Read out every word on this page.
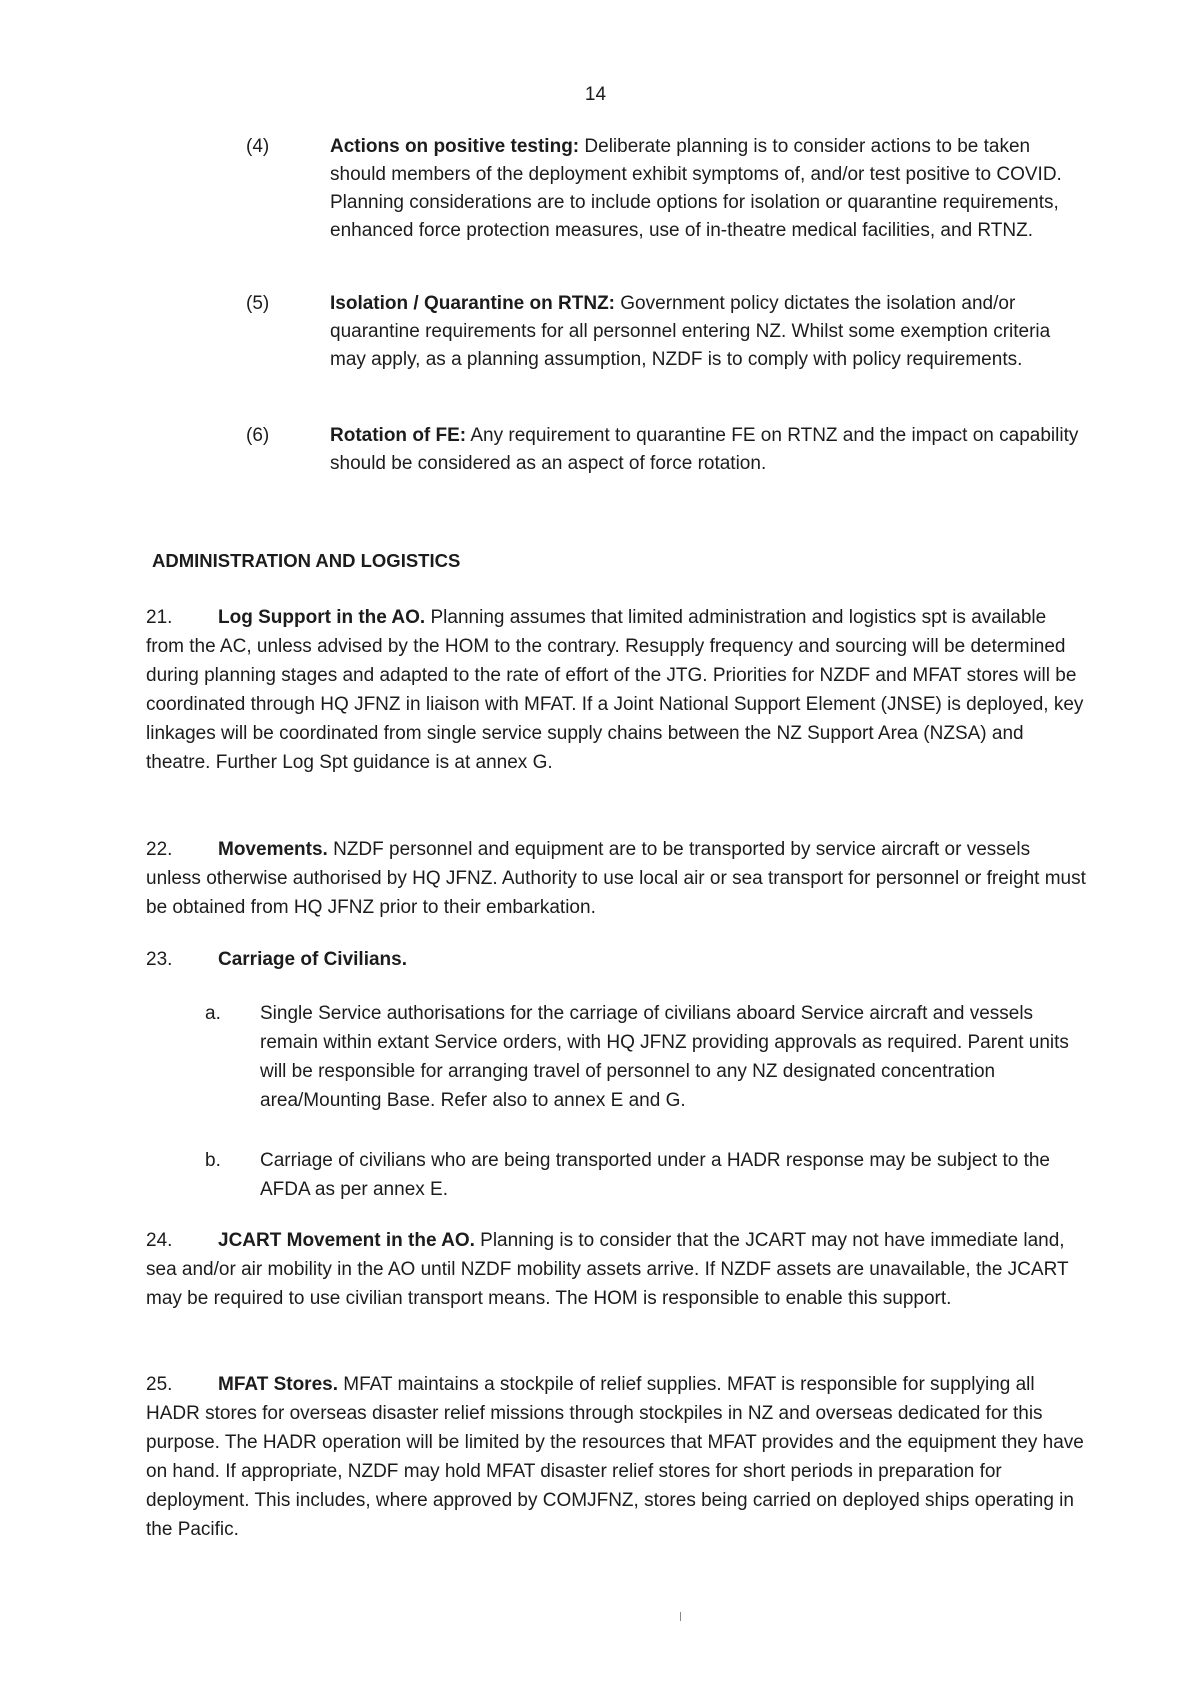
14
(4)	Actions on positive testing: Deliberate planning is to consider actions to be taken should members of the deployment exhibit symptoms of, and/or test positive to COVID. Planning considerations are to include options for isolation or quarantine requirements, enhanced force protection measures, use of in-theatre medical facilities, and RTNZ.
(5)	Isolation / Quarantine on RTNZ: Government policy dictates the isolation and/or quarantine requirements for all personnel entering NZ. Whilst some exemption criteria may apply, as a planning assumption, NZDF is to comply with policy requirements.
(6)	Rotation of FE: Any requirement to quarantine FE on RTNZ and the impact on capability should be considered as an aspect of force rotation.
ADMINISTRATION AND LOGISTICS
21. Log Support in the AO. Planning assumes that limited administration and logistics spt is available from the AC, unless advised by the HOM to the contrary. Resupply frequency and sourcing will be determined during planning stages and adapted to the rate of effort of the JTG. Priorities for NZDF and MFAT stores will be coordinated through HQ JFNZ in liaison with MFAT. If a Joint National Support Element (JNSE) is deployed, key linkages will be coordinated from single service supply chains between the NZ Support Area (NZSA) and theatre. Further Log Spt guidance is at annex G.
22. Movements. NZDF personnel and equipment are to be transported by service aircraft or vessels unless otherwise authorised by HQ JFNZ. Authority to use local air or sea transport for personnel or freight must be obtained from HQ JFNZ prior to their embarkation.
23. Carriage of Civilians.
a. Single Service authorisations for the carriage of civilians aboard Service aircraft and vessels remain within extant Service orders, with HQ JFNZ providing approvals as required. Parent units will be responsible for arranging travel of personnel to any NZ designated concentration area/Mounting Base. Refer also to annex E and G.
b. Carriage of civilians who are being transported under a HADR response may be subject to the AFDA as per annex E.
24. JCART Movement in the AO. Planning is to consider that the JCART may not have immediate land, sea and/or air mobility in the AO until NZDF mobility assets arrive. If NZDF assets are unavailable, the JCART may be required to use civilian transport means. The HOM is responsible to enable this support.
25. MFAT Stores. MFAT maintains a stockpile of relief supplies. MFAT is responsible for supplying all HADR stores for overseas disaster relief missions through stockpiles in NZ and overseas dedicated for this purpose. The HADR operation will be limited by the resources that MFAT provides and the equipment they have on hand. If appropriate, NZDF may hold MFAT disaster relief stores for short periods in preparation for deployment. This includes, where approved by COMJFNZ, stores being carried on deployed ships operating in the Pacific.
